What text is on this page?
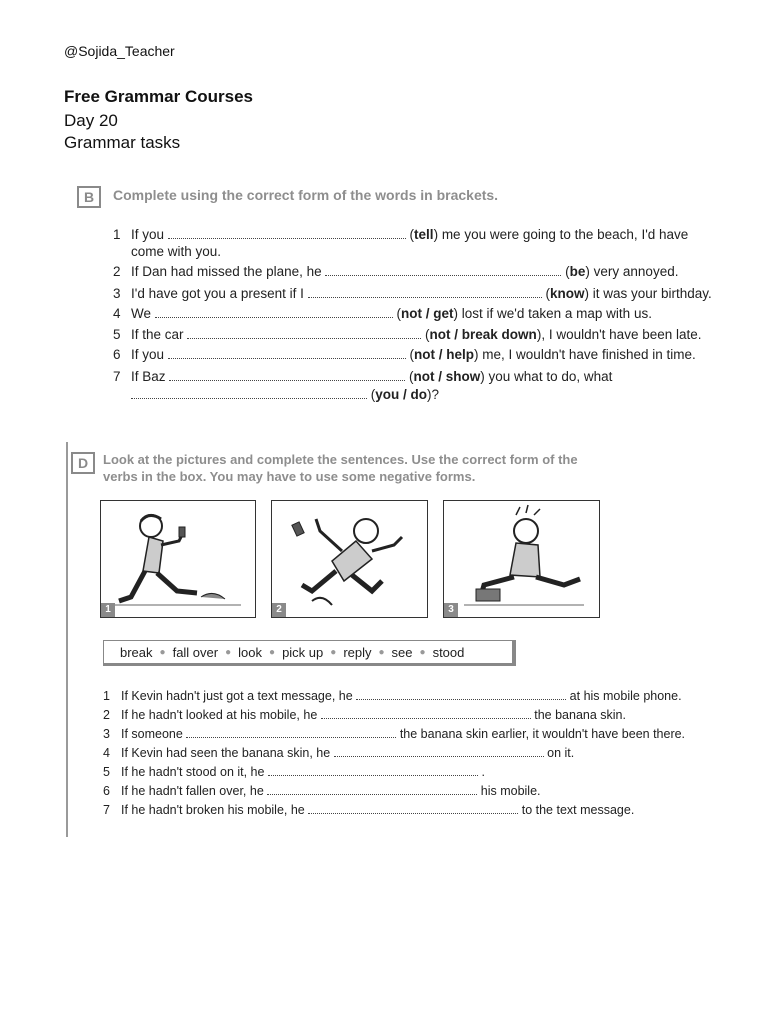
@Sojida_Teacher
Free Grammar Courses
Day 20
Grammar tasks
B	Complete using the correct form of the words in brackets.
1 If you	(tell) me you were going to the beach, I'd have
come with you.
2 If Dan had missed the plane, he	(be) very annoyed.
3 I'd have got you a present if I	(know) it was your birthday.
4 We	(not / get) lost if we'd taken a map with us.
5 If the car	(not / break down), I wouldn't have been late.
6 If you	(not / help) me, I wouldn't have finished in time.
7 If Baz	(not / show) you what to do, what
(you / do)?
D	Look at the pictures and complete the sentences. Use the correct form of the
verbs in the box. You may have to use some negative forms.
1	2	3
break ● fall over ● look ● pick up ● reply ● see ● stood
1 If Kevin hadn't just got a text message, he	at his mobile phone.
2 If he hadn't looked at his mobile, he	the banana skin.
3 If someone	the banana skin earlier, it wouldn't have been there.
4 If Kevin had seen the banana skin, he	on it.
5 If he hadn't stood on it, he	.
6 If he hadn't fallen over, he	his mobile.
7 If he hadn't broken his mobile, he	to the text message.
